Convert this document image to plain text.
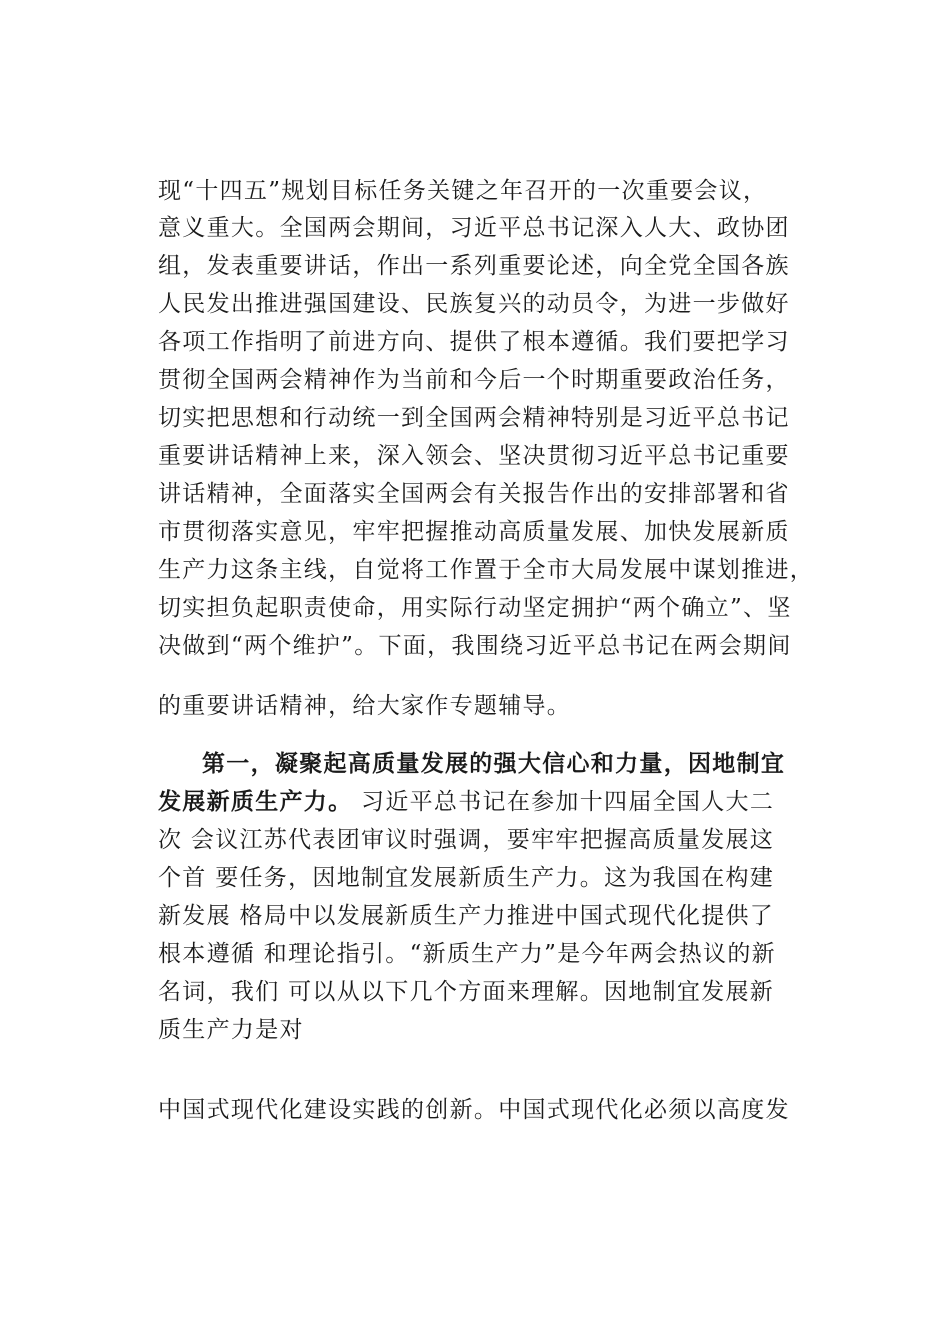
现“十四五”规划目标任务关键之年召开的一次重要会议，
意义重大。全国两会期间，习近平总书记深入人大、政协团
组，发表重要讲话，作出一系列重要论述，向全党全国各族
人民发出推进强国建设、民族复兴的动员令，为进一步做好
各项工作指明了前进方向、提供了根本遵循。我们要把学习
贯彻全国两会精神作为当前和今后一个时期重要政治任务，
切实把思想和行动统一到全国两会精神特别是习近平总书记
重要讲话精神上来，深入领会、坚决贯彻习近平总书记重要
讲话精神，全面落实全国两会有关报告作出的安排部署和省
市贯彻落实意见，牢牢把握推动高质量发展、加快发展新质
生产力这条主线，自觉将工作置于全市大局发展中谋划推进，
切实担负起职责使命，用实际行动坚定拥护“两个确立”、坚
决做到“两个维护”。下面，我围绕习近平总书记在两会期间
的重要讲话精神，给大家作专题辅导。
第一，凝聚起高质量发展的强大信心和力量，因地制宜
发展新质生产力。 习近平总书记在参加十四届全国人大二
次 会议江苏代表团审议时强调，要牢牢把握高质量发展这
个首 要任务，因地制宜发展新质生产力。这为我国在构建
新发展 格局中以发展新质生产力推进中国式现代化提供了
根本遵循 和理论指引。“新质生产力”是今年两会热议的新
名词，我们 可以从以下几个方面来理解。因地制宜发展新
质生产力是对
中国式现代化建设实践的创新。中国式现代化必须以高度发
